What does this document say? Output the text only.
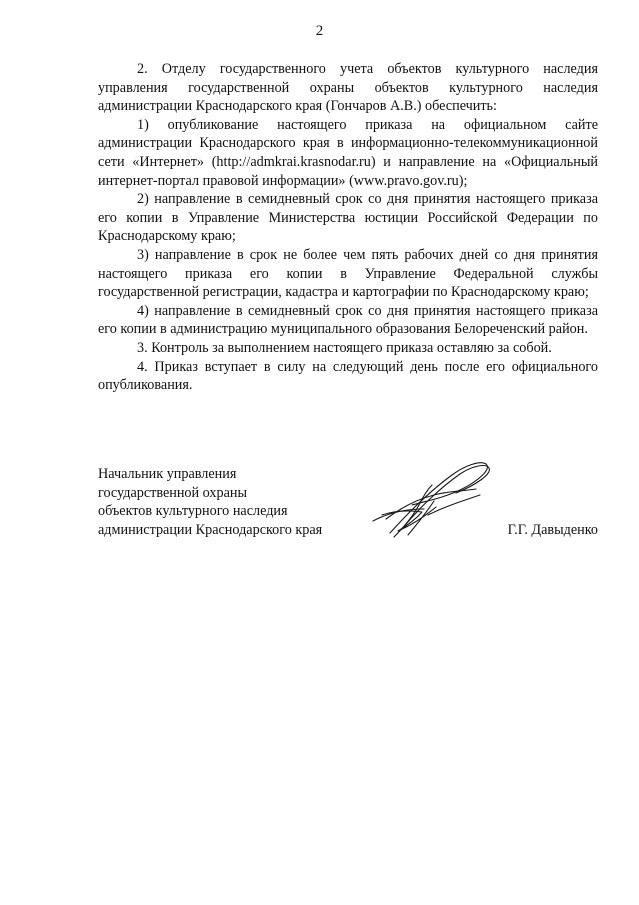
2

2. Отделу государственного учета объектов культурного наследия управления государственной охраны объектов культурного наследия администрации Краснодарского края (Гончаров А.В.) обеспечить:

1) опубликование настоящего приказа на официальном сайте администрации Краснодарского края в информационно-телекоммуникационной сети «Интернет» (http://admkrai.krasnodar.ru) и направление на «Официальный интернет-портал правовой информации» (www.pravo.gov.ru);

2) направление в семидневный срок со дня принятия настоящего приказа его копии в Управление Министерства юстиции Российской Федерации по Краснодарскому краю;

3) направление в срок не более чем пять рабочих дней со дня принятия настоящего приказа его копии в Управление Федеральной службы государственной регистрации, кадастра и картографии по Краснодарскому краю;

4) направление в семидневный срок со дня принятия настоящего приказа его копии в администрацию муниципального образования Белореченский район.

3. Контроль за выполнением настоящего приказа оставляю за собой.

4. Приказ вступает в силу на следующий день после его официального опубликования.

Начальник управления
государственной охраны
объектов культурного наследия
администрации Краснодарского края	Г.Г. Давыденко
